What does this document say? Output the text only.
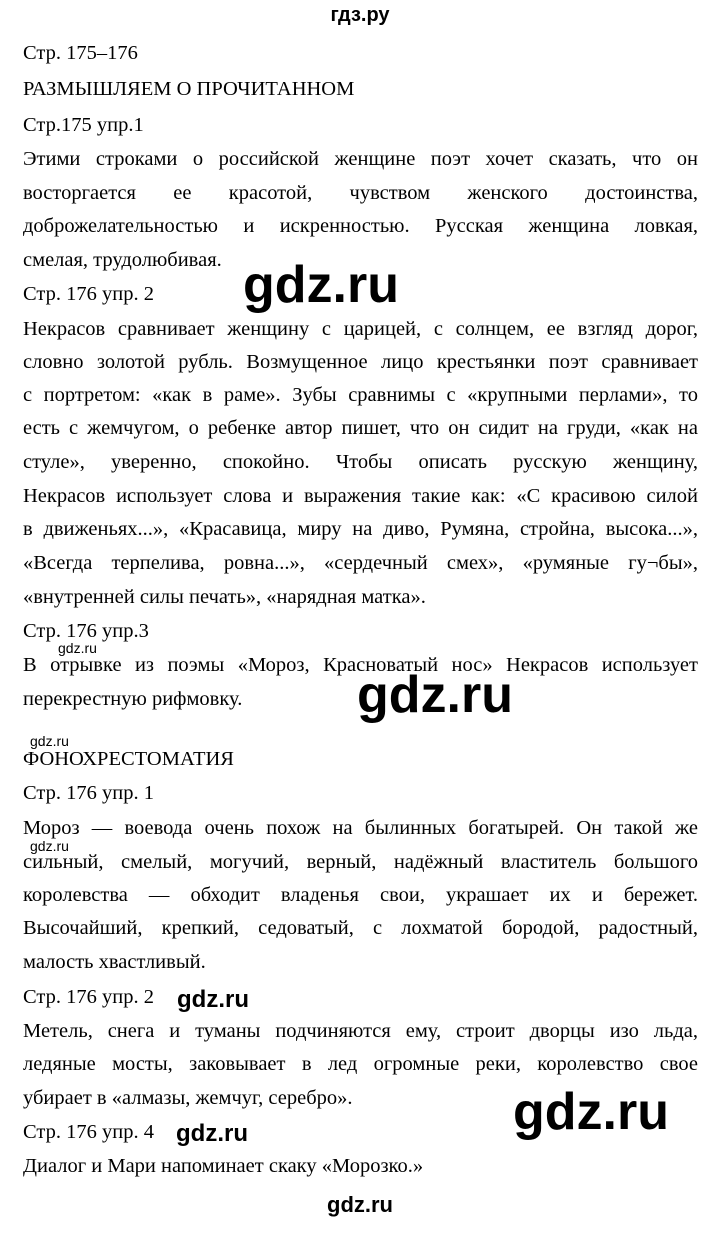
гдз.ру
Стр. 175–176
РАЗМЫШЛЯЕМ О ПРОЧИТАННОМ
Стр.175 упр.1
Этими строками о российской женщине поэт хочет сказать, что он
восторгается ее красотой, чувством женского достоинства,
доброжелательностью и искренностью. Русская женщина ловкая,
смелая, трудолюбивая.
Стр. 176 упр. 2
Некрасов сравнивает женщину с царицей, с солнцем, ее взгляд дорог,
словно золотой рубль. Возмущенное лицо крестьянки поэт сравнивает
с портретом: «как в раме». Зубы сравнимы с «крупными перлами», то
есть с жемчугом, о ребенке автор пишет, что он сидит на груди, «как на
стуле», уверенно, спокойно. Чтобы описать русскую женщину,
Некрасов использует слова и выражения такие как: «С красивою силой
в движеньях...», «Красавица, миру на диво, Румяна, стройна, высока...»,
«Всегда терпелива, ровна...», «сердечный смех», «румяные гу¬бы»,
«внутренней силы печать», «нарядная матка».
Стр. 176 упр.3
В отрывке из поэмы «Мороз, Красноватый нос» Некрасов использует
перекрестную рифмовку.
ФОНОХРЕСТОМАТИЯ
Стр. 176 упр. 1
Мороз — воевода очень похож на былинных богатырей. Он такой же
сильный, смелый, могучий, верный, надёжный властитель большого
королевства — обходит владенья свои, украшает их и бережет.
Высочайший, крепкий, седоватый, с лохматой бородой, радостный,
малость хвастливый.
Стр. 176 упр. 2
Метель, снега и туманы подчиняются ему, строит дворцы изо льда,
ледяные мосты, заковывает в лед огромные реки, королевство свое
убирает в «алмазы, жемчуг, серебро».
Стр. 176 упр. 4
Диалог и Мари напоминает скаку «Морозко.»
gdz.ru
gdz.ru
gdz.ru
gdz.ru
gdz.ru
gdz.ru
gdz.ru
gdz.ru
gdz.ru
